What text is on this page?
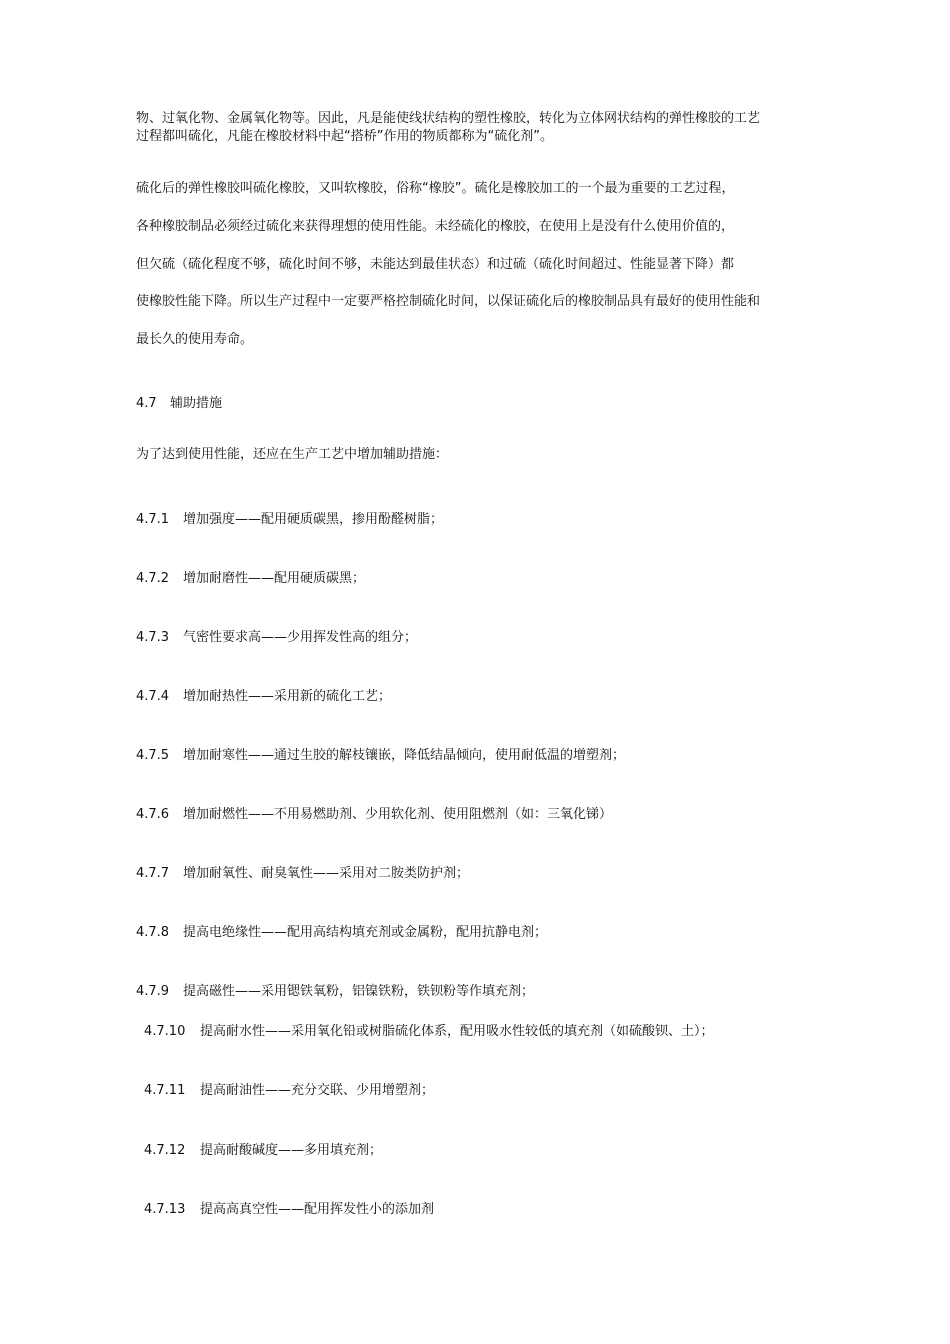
物、过氧化物、金属氧化物等。因此，凡是能使线状结构的塑性橡胶，转化为立体网状结构的弹性橡胶的工艺
过程都叫硫化，凡能在橡胶材料中起“搭桥”作用的物质都称为“硫化剂”。
硫化后的弹性橡胶叫硫化橡胶，又叫软橡胶，俗称“橡胶”。硫化是橡胶加工的一个最为重要的工艺过程，
各种橡胶制品必须经过硫化来获得理想的使用性能。未经硫化的橡胶，在使用上是没有什么使用价值的，
但欠硫（硫化程度不够，硫化时间不够，未能达到最佳状态）和过硫（硫化时间超过、性能显著下降）都
使橡胶性能下降。所以生产过程中一定要严格控制硫化时间，以保证硫化后的橡胶制品具有最好的使用性能和
最长久的使用寿命。
4.7 辅助措施
为了达到使用性能，还应在生产工艺中增加辅助措施：
4.7.1 增加强度——配用硬质碳黑，掺用酚醛树脂；
4.7.2 增加耐磨性——配用硬质碳黑；
4.7.3 气密性要求高——少用挥发性高的组分；
4.7.4 增加耐热性——采用新的硫化工艺；
4.7.5 增加耐寒性——通过生胶的解枝镶嵌，降低结晶倾向，使用耐低温的增塑剂；
4.7.6 增加耐燃性——不用易燃助剂、少用软化剂、使用阻燃剂（如：三氧化锑）
4.7.7 增加耐氧性、耐臭氧性——采用对二胺类防护剂；
4.7.8 提高电绝缘性——配用高结构填充剂或金属粉，配用抗静电剂；
4.7.9 提高磁性——采用锶铁氧粉，铝镍铁粉，铁钡粉等作填充剂；
4.7.10 提高耐水性——采用氧化铅或树脂硫化体系，配用吸水性较低的填充剂（如硫酸钡、土）；
4.7.11 提高耐油性——充分交联、少用增塑剂；
4.7.12 提高耐酸碱度——多用填充剂；
4.7.13 提高高真空性——配用挥发性小的添加剂
